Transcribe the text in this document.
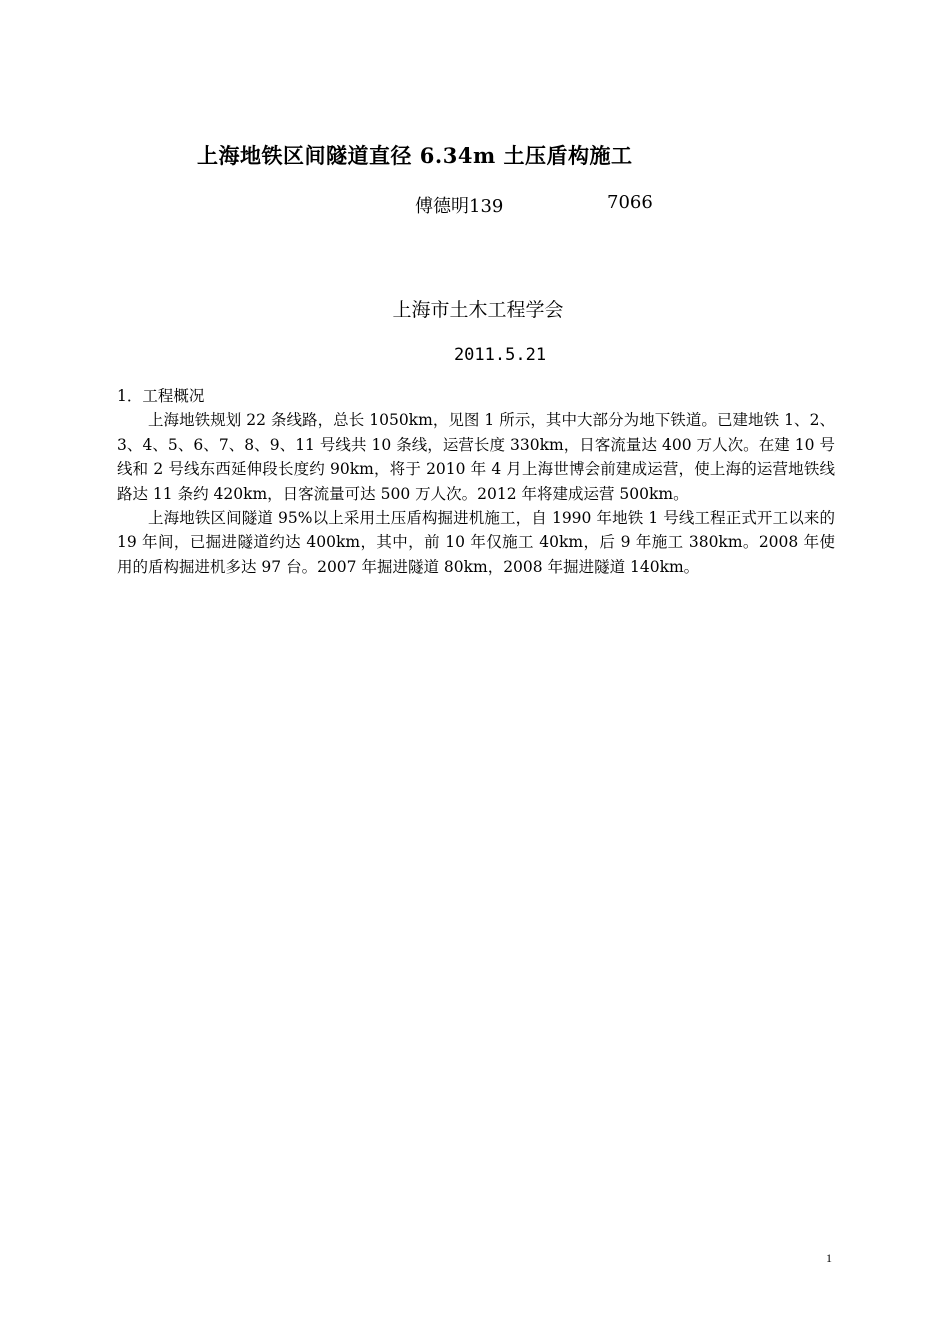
上海地铁区间隧道直径 6.34m 土压盾构施工
傅德明139	7066
上海市土木工程学会
2011.5.21

1．工程概况

上海地铁规划 22 条线路，总长 1050km，见图 1 所示，其中大部分为地下铁道。已建地铁 1、2、3、4、5、6、7、8、9、11 号线共 10 条线，运营长度 330km，日客流量达 400 万人次。在建 10 号线和 2 号线东西延伸段长度约 90km，将于 2010 年 4 月上海世博会前建成运营，使上海的运营地铁线路达 11 条约 420km，日客流量可达 500 万人次。2012 年将建成运营 500km。

上海地铁区间隧道 95%以上采用土压盾构掘进机施工，自 1990 年地铁 1 号线工程正式开工以来的 19 年间，已掘进隧道约达 400km，其中，前 10 年仅施工 40km，后 9 年施工 380km。2008 年使用的盾构掘进机多达 97 台。2007 年掘进隧道 80km，2008 年掘进隧道 140km。

1
